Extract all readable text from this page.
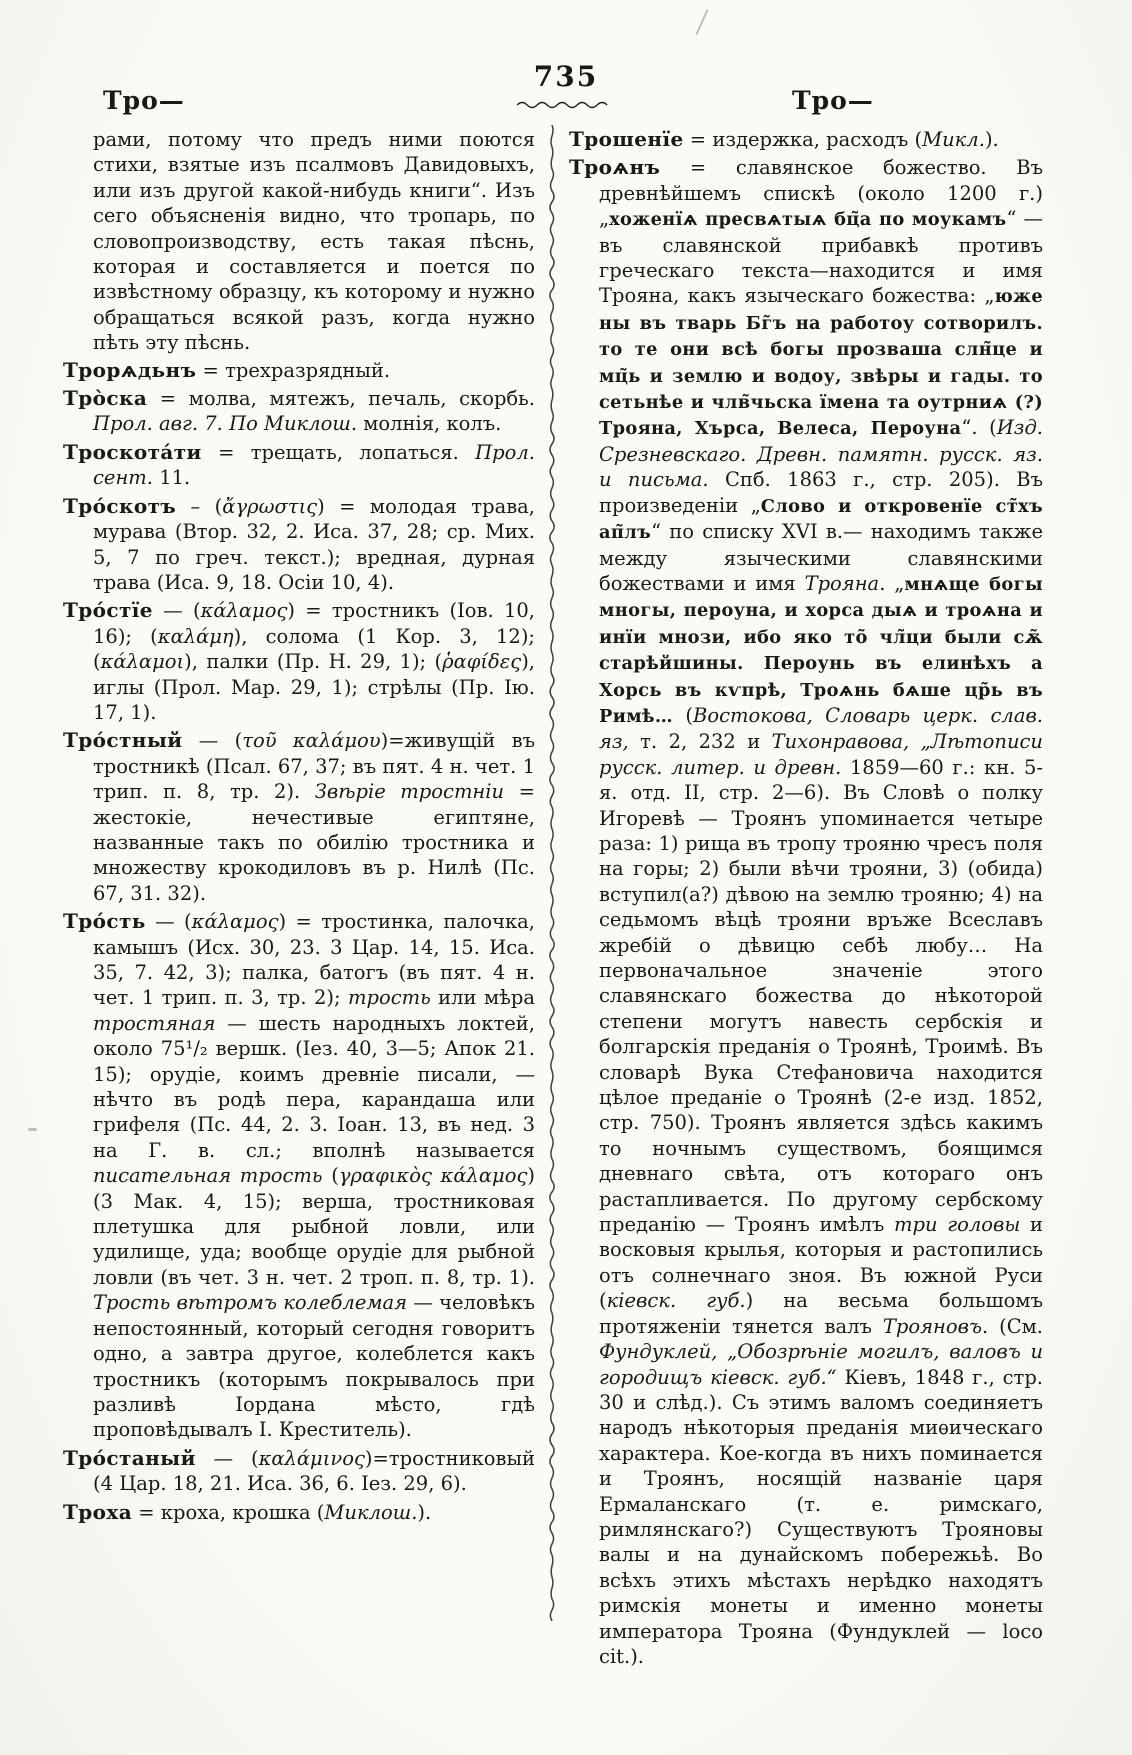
735
Тро—	Тро—
рами, потому что предъ ними поются стихи, взятые изъ псалмовъ Давидовыхъ, или изъ другой какой-нибудь книги“. Изъ сего объясненія видно, что тропарь, по словопроизводству, есть такая пѣснь, которая и составляется и поется по извѣстному образцу, къ которому и нужно обращаться всякой разъ, когда нужно пѣть эту пѣснь.
Трорѧдьнъ = трехразрядный.
Тро̀ска = молва, мятежъ, печаль, скорбь. Прол. авг. 7. По Миклош. молнія, колъ.
Троскота́ти = трещать, лопаться. Прол. сент. 11.
Тро́скотъ – (ἄγρωστις) = молодая трава, мурава (Втор. 32, 2. Иса. 37, 28; ср. Мих. 5, 7 по греч. текст.); вредная, дурная трава (Иса. 9, 18. Осіи 10, 4).
Тро́стїе — (κάλαμος) = тростникъ (Іов. 10, 16); (καλάμη), солома (1 Кор. 3, 12); (κάλαμοι), палки (Пр. Н. 29, 1); (ῥαφίδες), иглы (Прол. Мар. 29, 1); стрѣлы (Пр. Ію. 17, 1).
Тро́стный — (τοῦ καλάμου)=живущій въ тростникѣ (Псал. 67, 37; въ пят. 4 н. чет. 1 трип. п. 8, тр. 2). Звѣріе тростніи = жестокіе, нечестивые египтяне, названные такъ по обилію тростника и множеству крокодиловъ въ р. Нилѣ (Пс. 67, 31. 32).
Тро́сть — (κάλαμος) = тростинка, палочка, камышъ (Исх. 30, 23. 3 Цар. 14, 15. Иса. 35, 7. 42, 3); палка, батогъ (въ пят. 4 н. чет. 1 трип. п. 3, тр. 2); трость или мѣра тростяная — шесть народныхъ локтей, около 75¹/₂ вершк. (Іез. 40, 3—5; Апок 21. 15); орудіе, коимъ древніе писали, — нѣчто въ родѣ пера, карандаша или грифеля (Пс. 44, 2. 3. Іоан. 13, въ нед. 3 на Г. в. сл.; вполнѣ называется писательная трость (γραφικὸς κάλαμος) (3 Мак. 4, 15); верша, тростниковая плетушка для рыбной ловли, или удилище, уда; вообще орудіе для рыбной ловли (въ чет. 3 н. чет. 2 троп. п. 8, тр. 1). Трость вѣтромъ колеблемая — человѣкъ непостоянный, который сегодня говоритъ одно, а завтра другое, колеблется какъ тростникъ (которымъ покрывалось при разливѣ Іордана мѣсто, гдѣ проповѣдывалъ І. Креститель).
Тро́станый — (καλάμινος)=тростниковый (4 Цар. 18, 21. Иса. 36, 6. Іез. 29, 6).
Троха = кроха, крошка (Миклош.).
Трошенїе = издержка, расходъ (Микл.).
Троѧнъ = славянское божество. Въ древнѣйшемъ спискѣ (около 1200 г.) „хоженїѧ пресвѧтыѧ бц̃а по моукамъ“ — въ славянской прибавкѣ противъ греческаго текста—находится и имя Трояна, какъ языческаго божества: „юже ны въ тварь Бг̃ъ на работоу сотворилъ. то те они всѣ богы прозваша слн̃це и мц̃ь и землю и водоу, звѣры и гады. то сетьнѣе и члв̃чьска їмена та оутрниѧ (?) Трояна, Хърса, Велеса, Пероуна“. (Изд. Срезневскаго. Древн. памятн. русск. яз. и письма. Спб. 1863 г., стр. 205). Въ произведеніи „Слово и откровенїе ст̃хъ ап̃лъ“ по списку XVI в.— находимъ также между языческими славянскими божествами и имя Трояна. „мнѧще богы многы, пероуна, и хорса дыѧ и троѧна и инїи мнози, ибо яко то̃ чл̃ци были сѫ̃ старѣйшины. Пероунь въ елинѣхъ а Хорсь въ кѵпрѣ, Троѧнь бѧше цр̃ь въ Римѣ… (Востокова, Словарь церк. слав. яз, т. 2, 232 и Тихонравова, „Лѣтописи русск. литер. и древн. 1859—60 г.: кн. 5-я. отд. II, стр. 2—6). Въ Словѣ о полку Игоревѣ — Троянъ упоминается четыре раза: 1) рища въ тропу трояню чресъ поля на горы; 2) были вѣчи трояни, 3) (обида) вступил(а?) дѣвою на землю трояню; 4) на седьмомъ вѣцѣ трояни връже Всеславъ жребій о дѣвицю себѣ любу… На первоначальное значеніе этого славянскаго божества до нѣкоторой степени могутъ навесть сербскія и болгарскія преданія о Троянѣ, Троимѣ. Въ словарѣ Вука Стефановича находится цѣлое преданіе о Троянѣ (2-е изд. 1852, стр. 750). Троянъ является здѣсь какимъ то ночнымъ существомъ, боящимся дневнаго свѣта, отъ котораго онъ растапливается. По другому сербскому преданію — Троянъ имѣлъ три головы и восковыя крылья, которыя и растопились отъ солнечнаго зноя. Въ южной Руси (кіевск. губ.) на весьма большомъ протяженіи тянется валъ Трояновъ. (См. Фундуклей, „Обозрѣніе могилъ, валовъ и городищъ кіевск. губ.“ Кіевъ, 1848 г., стр. 30 и слѣд.). Съ этимъ валомъ соединяетъ народъ нѣкоторыя преданія миѳическаго характера. Кое-когда въ нихъ поминается и Троянъ, носящій названіе царя Ермаланскаго (т. е. римскаго, римлянскаго?) Существуютъ Трояновы валы и на дунайскомъ побережьѣ. Во всѣхъ этихъ мѣстахъ нерѣдко находятъ римскія монеты и именно монеты императора Трояна (Фундуклей — loco cit.).
